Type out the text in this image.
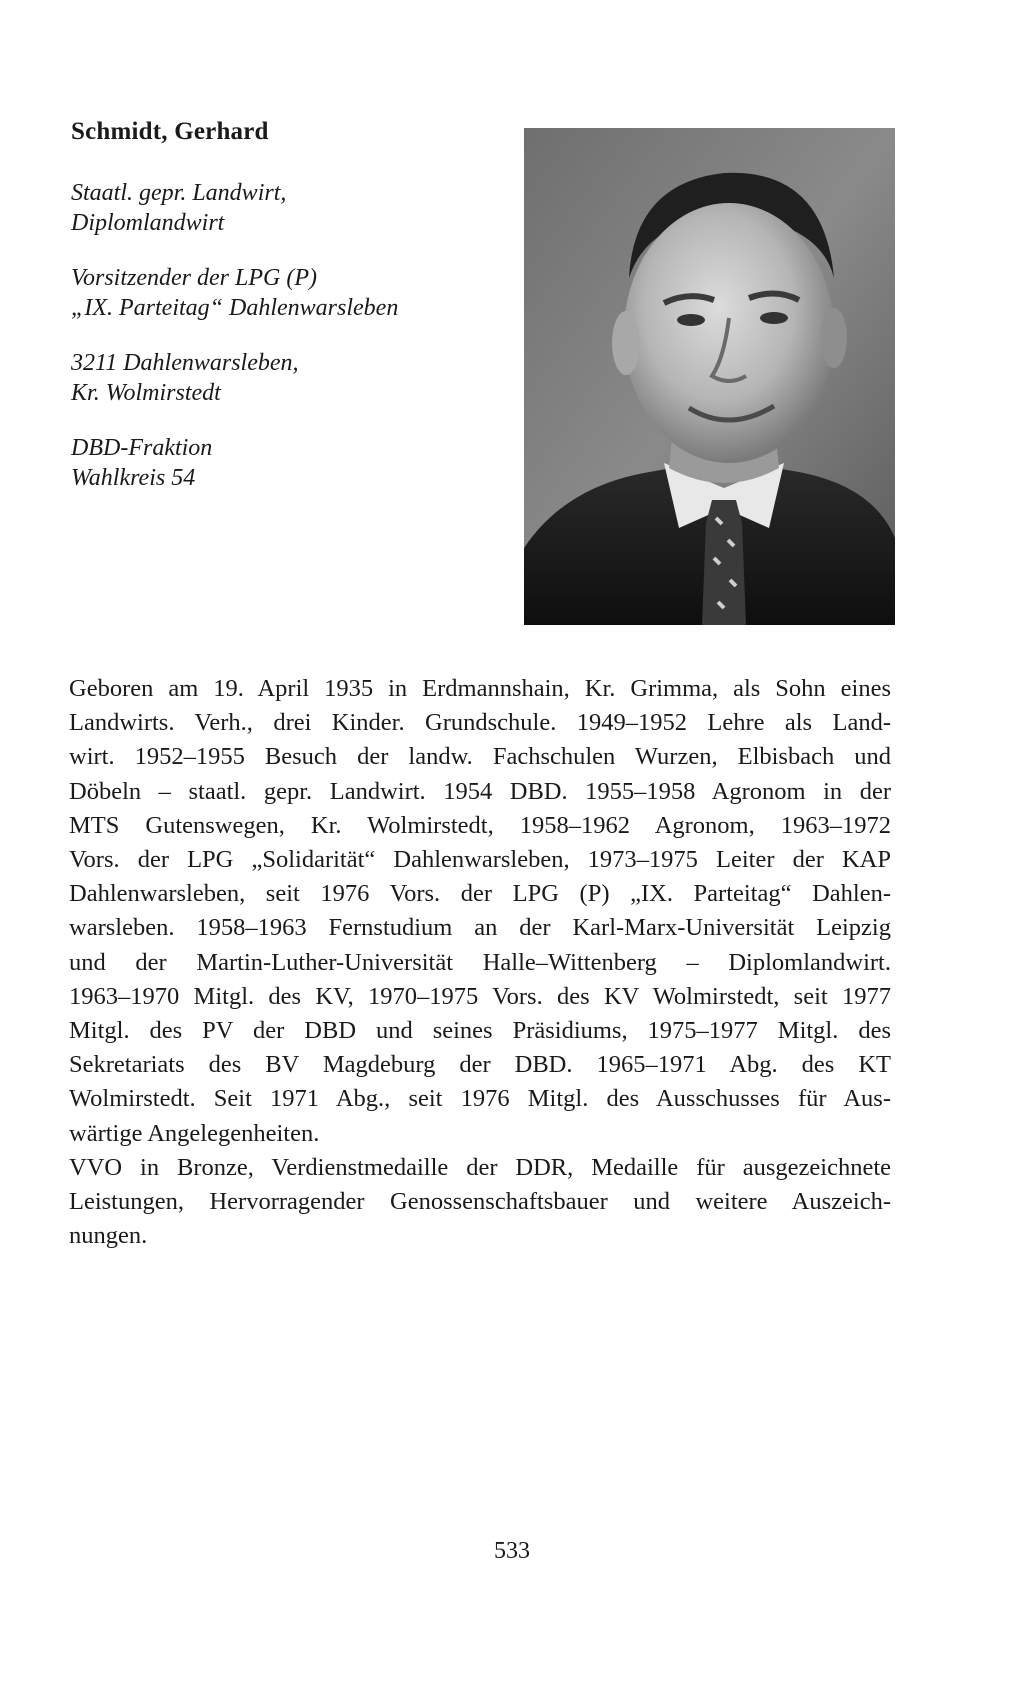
Schmidt, Gerhard
Staatl. gepr. Landwirt,
Diplomlandwirt
Vorsitzender der LPG (P)
„IX. Parteitag“ Dahlenwarsleben
3211 Dahlenwarsleben,
Kr. Wolmirstedt
DBD-Fraktion
Wahlkreis 54
Geboren am 19. April 1935 in Erdmannshain, Kr. Grimma, als Sohn eines
Landwirts. Verh., drei Kinder. Grundschule. 1949–1952 Lehre als Land-
wirt. 1952–1955 Besuch der landw. Fachschulen Wurzen, Elbisbach und
Döbeln – staatl. gepr. Landwirt. 1954 DBD. 1955–1958 Agronom in der
MTS Gutenswegen, Kr. Wolmirstedt, 1958–1962 Agronom, 1963–1972
Vors. der LPG „Solidarität“ Dahlenwarsleben, 1973–1975 Leiter der KAP
Dahlenwarsleben, seit 1976 Vors. der LPG (P) „IX. Parteitag“ Dahlen-
warsleben. 1958–1963 Fernstudium an der Karl-Marx-Universität Leipzig
und der Martin-Luther-Universität Halle–Wittenberg – Diplomlandwirt.
1963–1970 Mitgl. des KV, 1970–1975 Vors. des KV Wolmirstedt, seit 1977
Mitgl. des PV der DBD und seines Präsidiums, 1975–1977 Mitgl. des
Sekretariats des BV Magdeburg der DBD. 1965–1971 Abg. des KT
Wolmirstedt. Seit 1971 Abg., seit 1976 Mitgl. des Ausschusses für Aus-
wärtige Angelegenheiten.
VVO in Bronze, Verdienstmedaille der DDR, Medaille für ausgezeichnete
Leistungen, Hervorragender Genossenschaftsbauer und weitere Auszeich-
nungen.
533
